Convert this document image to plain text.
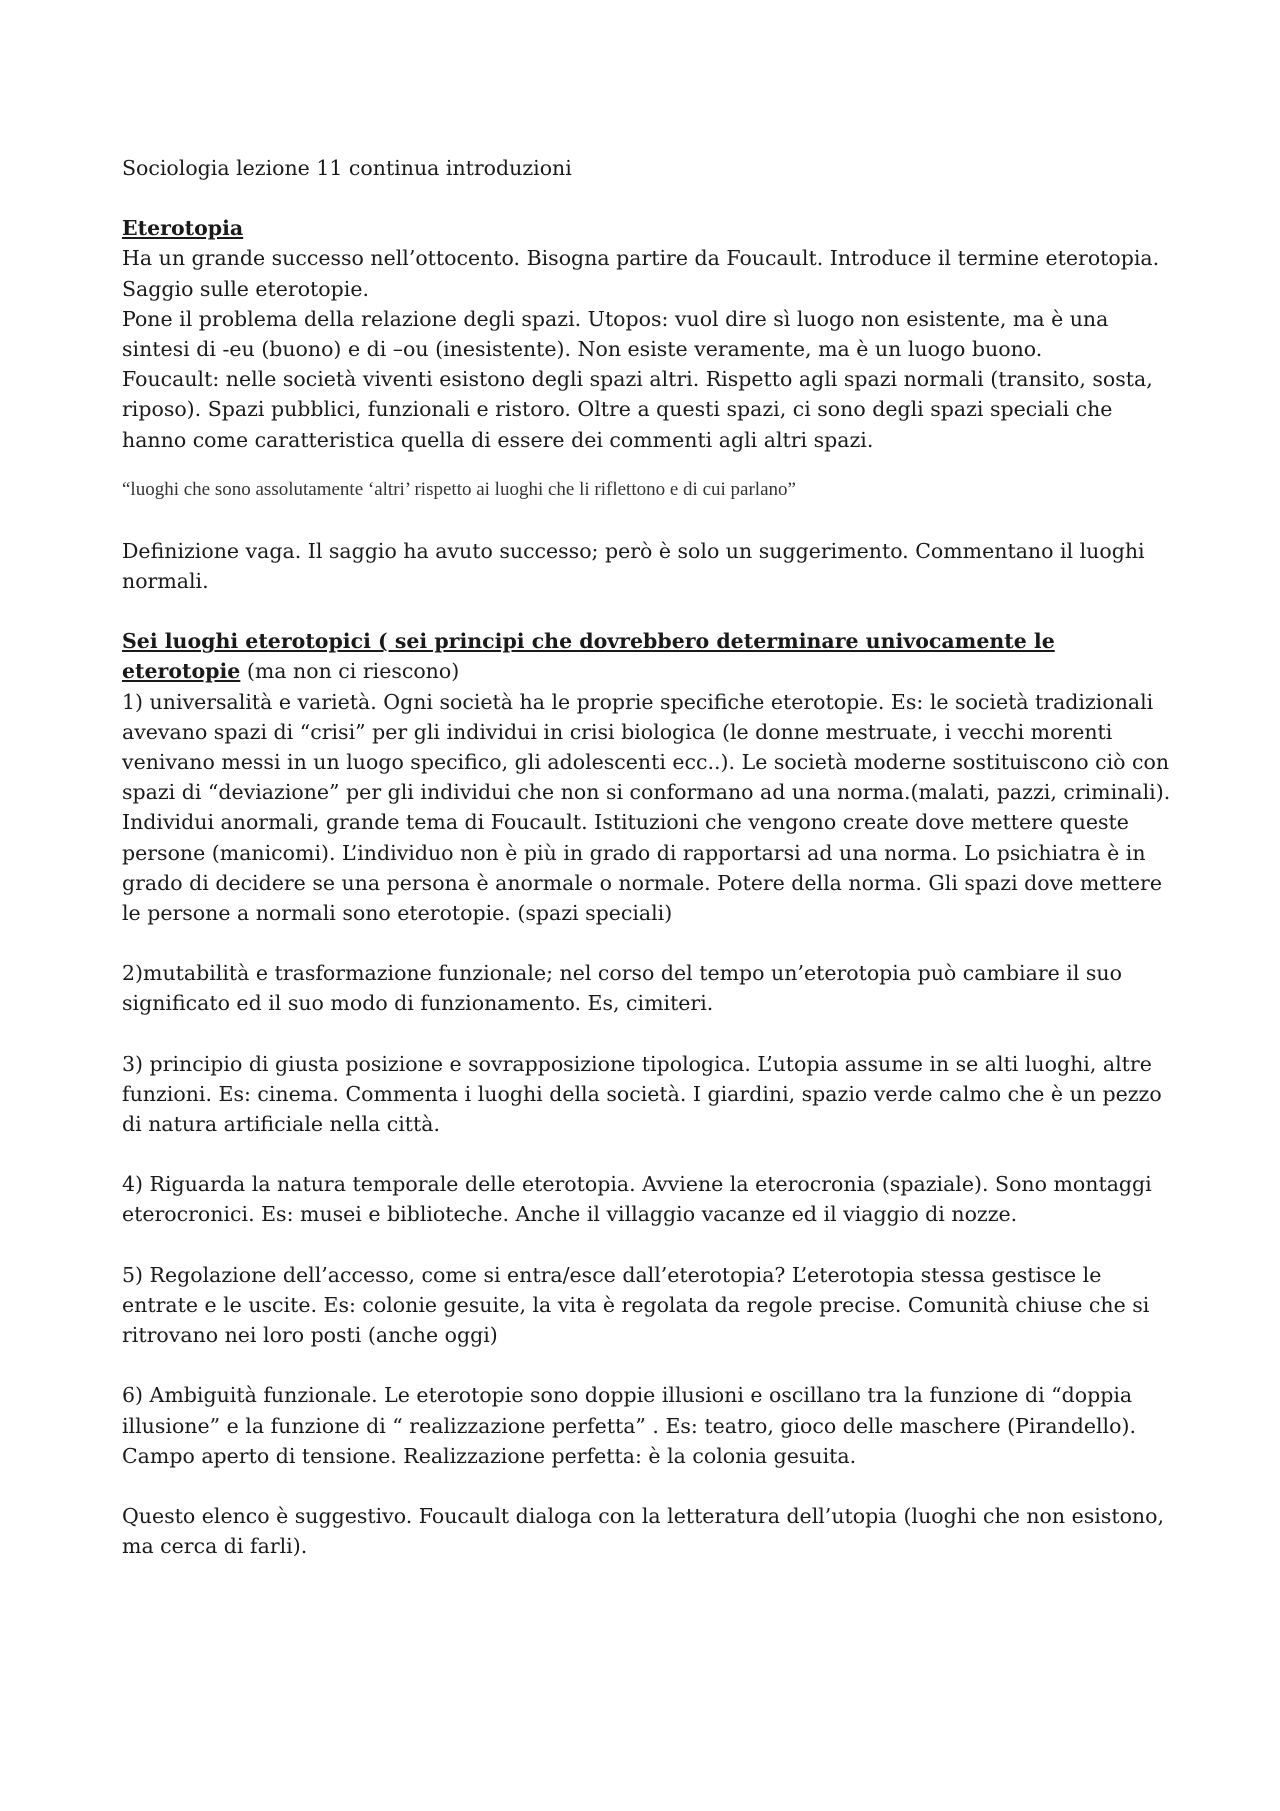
Sociologia lezione 11 continua introduzioni

Eterotopia

Ha un grande successo nell’ottocento. Bisogna partire da Foucault. Introduce il termine eterotopia. Saggio sulle eterotopie.

Pone il problema della relazione degli spazi. Utopos: vuol dire sì luogo non esistente, ma è una sintesi di -eu (buono) e di –ou (inesistente). Non esiste veramente, ma è un luogo buono.

Foucault: nelle società viventi esistono degli spazi altri. Rispetto agli spazi normali (transito, sosta, riposo). Spazi pubblici, funzionali e ristoro. Oltre a questi spazi, ci sono degli spazi speciali che hanno come caratteristica quella di essere dei commenti agli altri spazi.

“luoghi che sono assolutamente ‘altri’ rispetto ai luoghi che li riflettono e di cui parlano”

Definizione vaga. Il saggio ha avuto successo; però è solo un suggerimento. Commentano il luoghi normali.

Sei luoghi eterotopici ( sei principi che dovrebbero determinare univocamente le eterotopie (ma non ci riescono)

1) universalità e varietà. Ogni società ha le proprie specifiche eterotopie. Es: le società tradizionali avevano spazi di “crisi” per gli individui in crisi biologica (le donne mestruate, i vecchi morenti venivano messi in un luogo specifico, gli adolescenti ecc..). Le società moderne sostituiscono ciò con spazi di “deviazione” per gli individui che non si conformano ad una norma.(malati, pazzi, criminali). Individui anormali, grande tema di Foucault. Istituzioni che vengono create dove mettere queste persone (manicomi). L’individuo non è più in grado di rapportarsi ad una norma. Lo psichiatra è in grado di decidere se una persona è anormale o normale. Potere della norma. Gli spazi dove mettere le persone a normali sono eterotopie. (spazi speciali)

2)mutabilità e trasformazione funzionale; nel corso del tempo un’eterotopia può cambiare il suo significato ed il suo modo di funzionamento. Es, cimiteri.

3) principio di giusta posizione e sovrapposizione tipologica. L’utopia assume in se alti luoghi, altre funzioni. Es: cinema. Commenta i luoghi della società. I giardini, spazio verde calmo che è un pezzo di natura artificiale nella città.

4) Riguarda la natura temporale delle eterotopia. Avviene la eterocronia (spaziale). Sono montaggi eterocronici. Es: musei e biblioteche. Anche il villaggio vacanze ed il viaggio di nozze.

5) Regolazione dell’accesso, come si entra/esce dall’eterotopia? L’eterotopia stessa gestisce le entrate e le uscite. Es: colonie gesuite, la vita è regolata da regole precise. Comunità chiuse che si ritrovano nei loro posti (anche oggi)

6) Ambiguità funzionale. Le eterotopie sono doppie illusioni e oscillano tra la funzione di “doppia illusione” e la funzione di “ realizzazione perfetta” . Es: teatro, gioco delle maschere (Pirandello). Campo aperto di tensione. Realizzazione perfetta: è la colonia gesuita.

Questo elenco è suggestivo. Foucault dialoga con la letteratura dell’utopia (luoghi che non esistono, ma cerca di farli).
